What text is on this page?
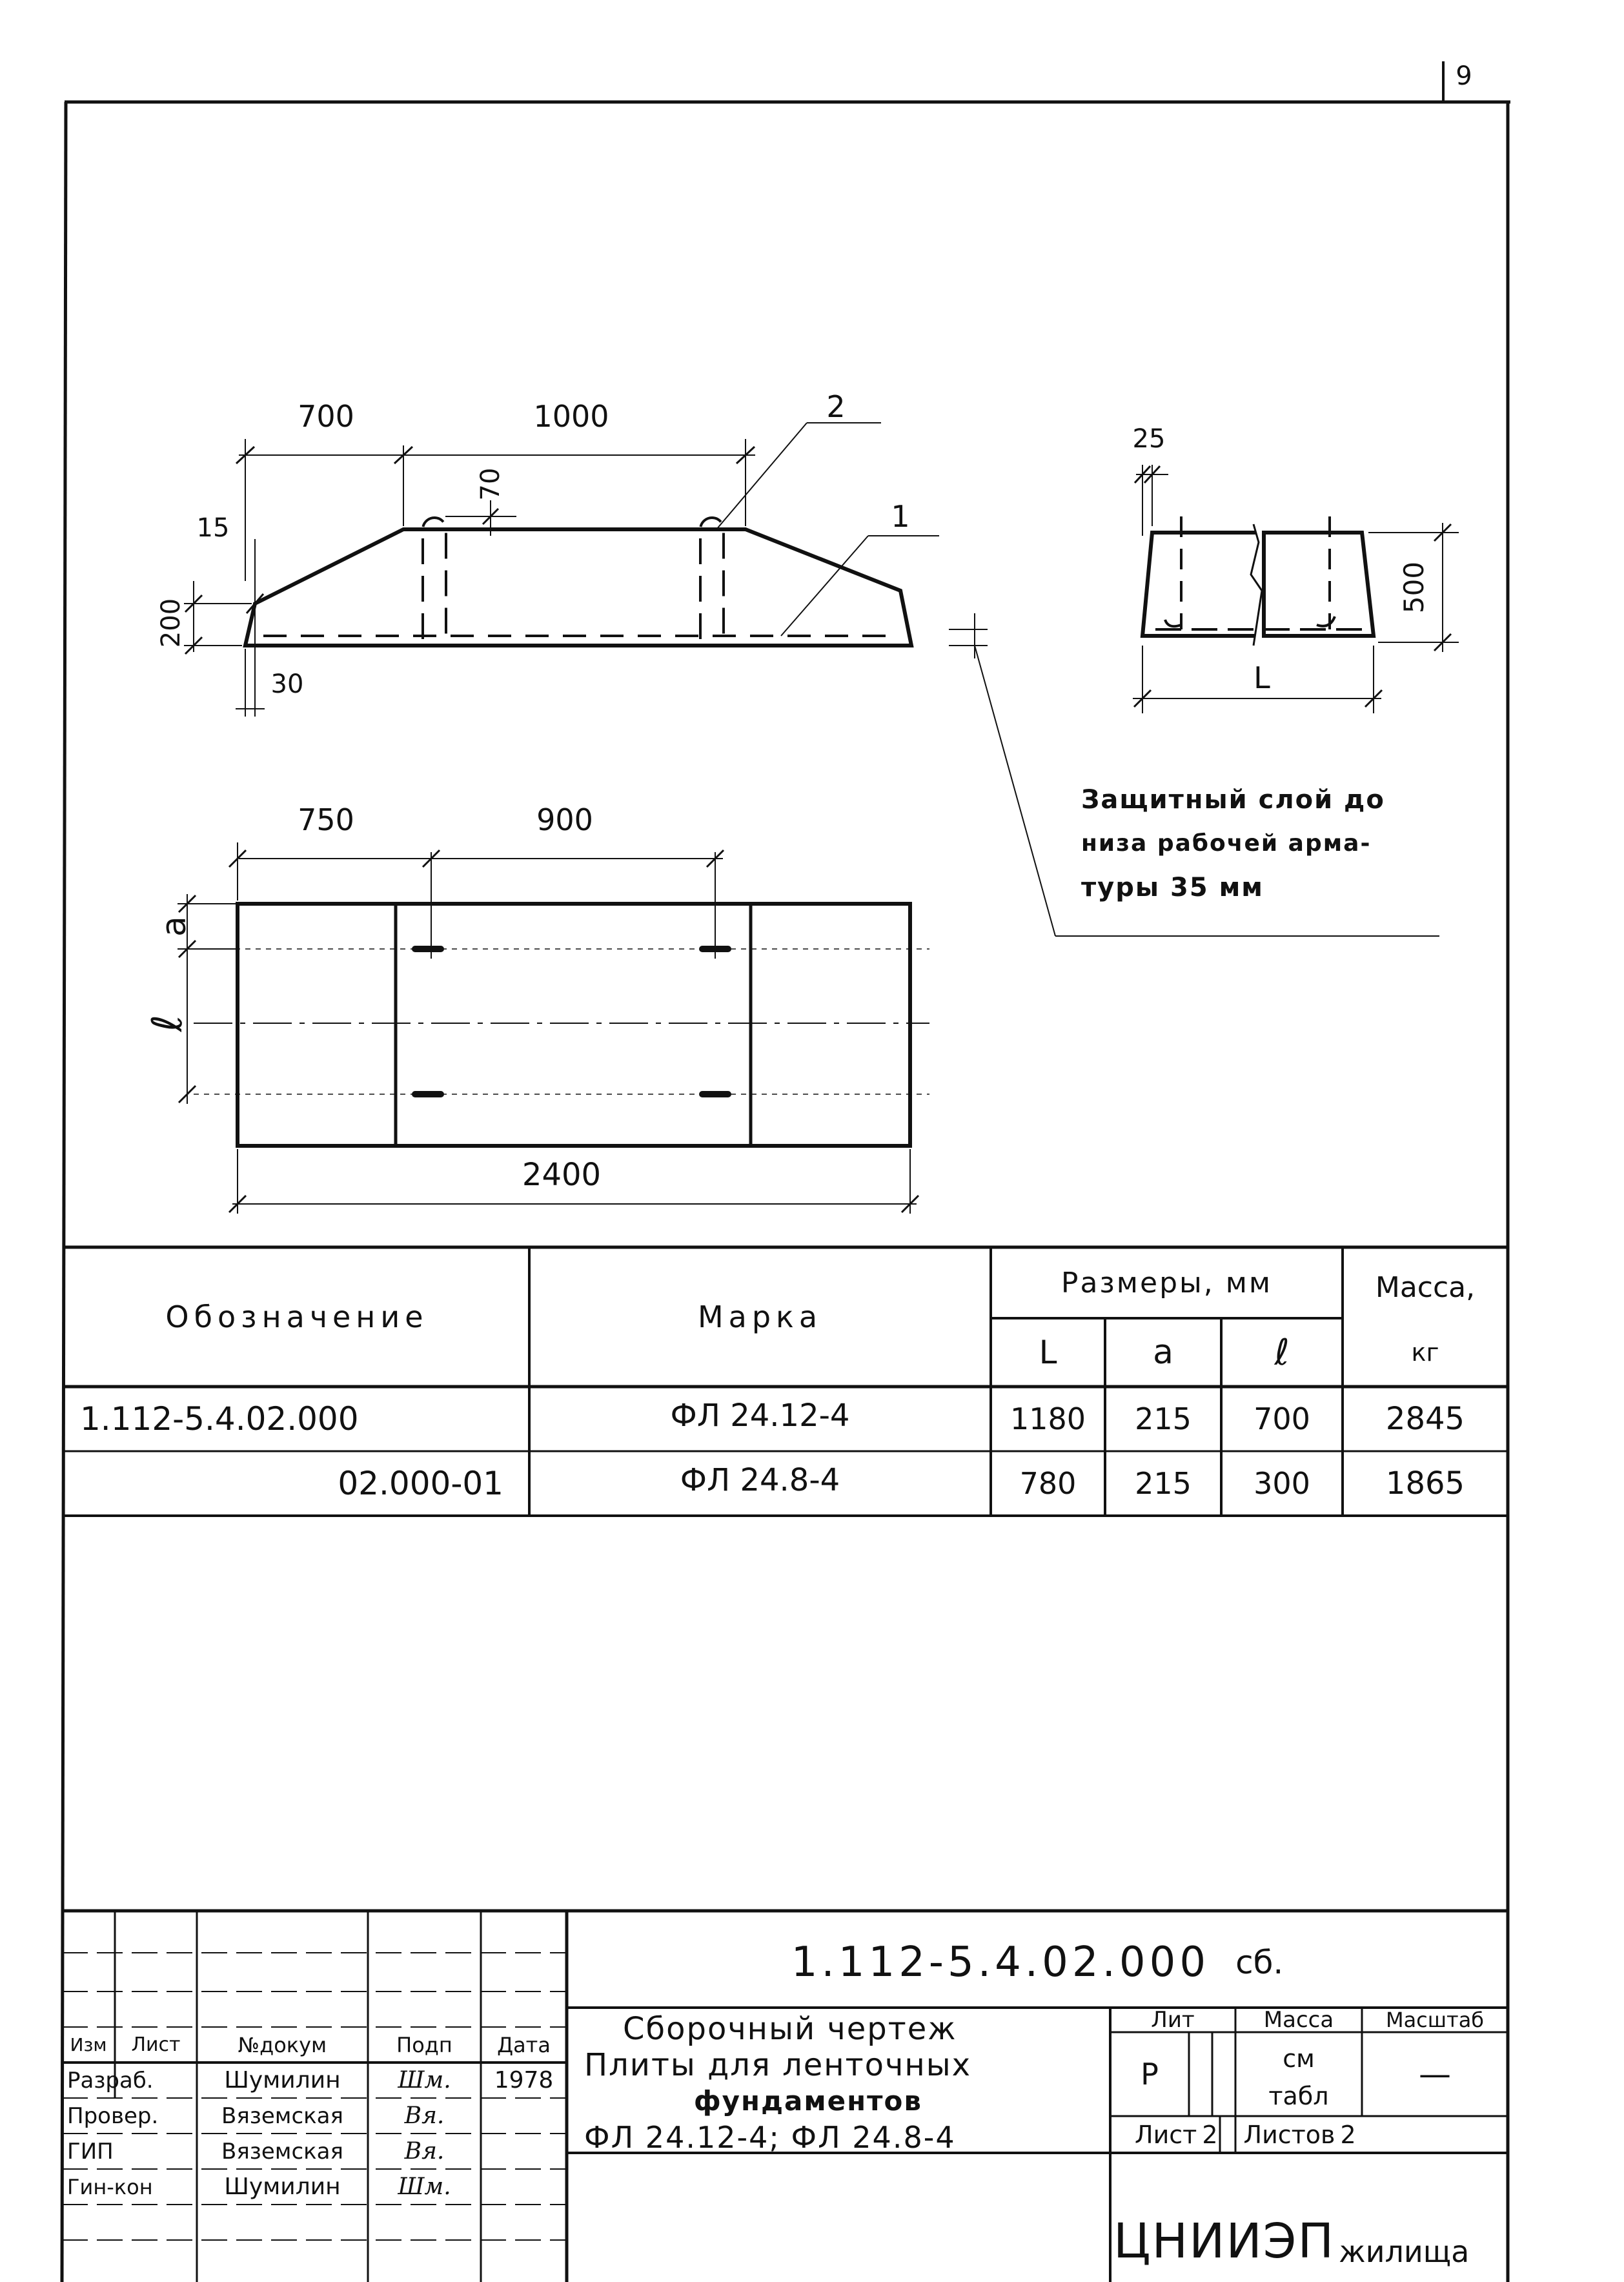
9
700	1000	2
1
15
70
200
30
25
500
L
750	900
2400
a
ℓ
Защитный слой до
низа рабочей арма-
туры 35 мм
Обозначение	Марка
Размеры, мм	Масса,
кг
L	a	ℓ
1.112-5.4.02.000	ФЛ 24.12-4	1180	215	700	2845
02.000-01	ФЛ 24.8-4	780	215	300	1865
1.112-5.4.02.000 сб.
Изм	Лист	№докум	Подп	Дата
Разраб.	Шумилин	Шм.	1978
Провер.	Вяземская	Вя.
ГИП	Вяземская	Вя.
Гин-кон	Шумилин	Шм.
Сборочный чертеж
Плиты для ленточных
фундаментов
ФЛ 24.12-4; ФЛ 24.8-4
Лит	Масса	Масштаб
Р	см
табл
—
Лист 2 Листов 2
ЦНИИЭП жилища
